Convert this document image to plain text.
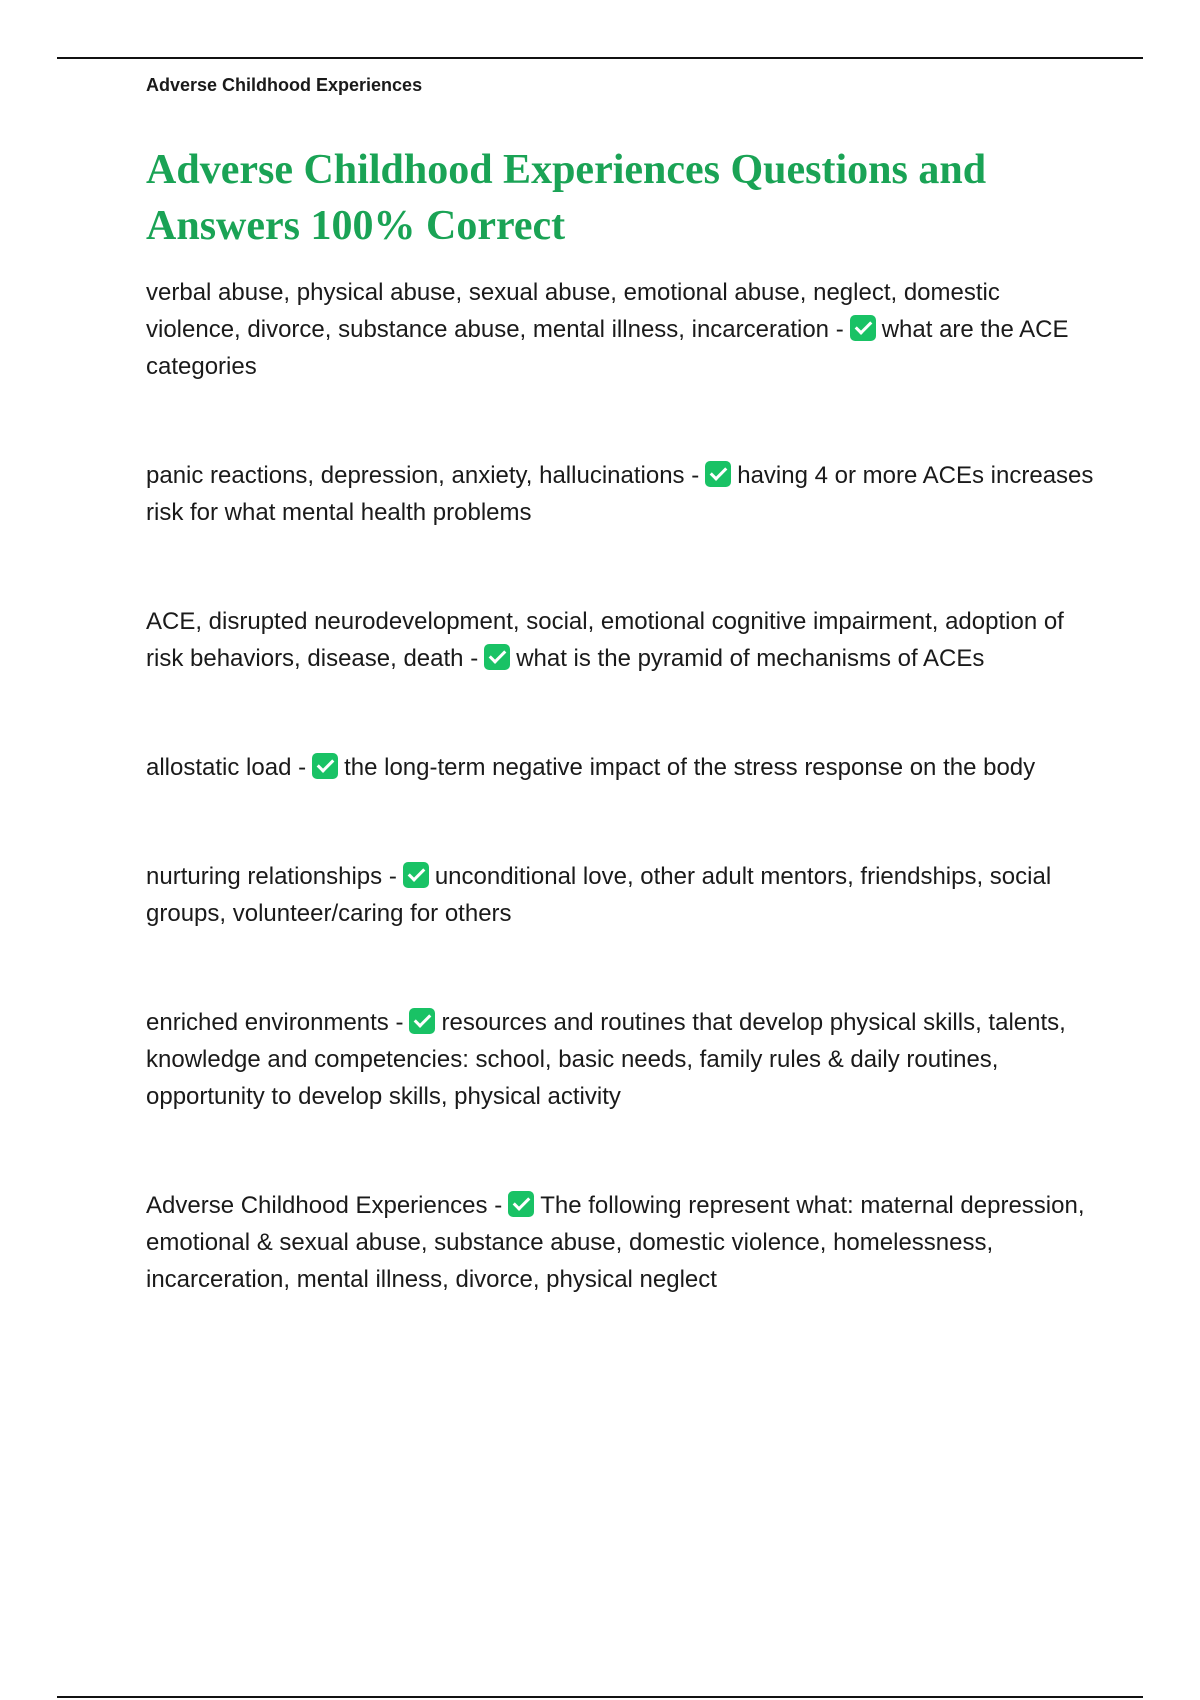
Adverse Childhood Experiences

Adverse Childhood Experiences Questions and Answers 100% Correct
verbal abuse, physical abuse, sexual abuse, emotional abuse, neglect, domestic violence, divorce, substance abuse, mental illness, incarceration - what are the ACE categories
panic reactions, depression, anxiety, hallucinations - having 4 or more ACEs increases risk for what mental health problems
ACE, disrupted neurodevelopment, social, emotional cognitive impairment, adoption of risk behaviors, disease, death - what is the pyramid of mechanisms of ACEs
allostatic load - the long-term negative impact of the stress response on the body
nurturing relationships - unconditional love, other adult mentors, friendships, social groups, volunteer/caring for others
enriched environments - resources and routines that develop physical skills, talents, knowledge and competencies: school, basic needs, family rules & daily routines, opportunity to develop skills, physical activity
Adverse Childhood Experiences - The following represent what: maternal depression, emotional & sexual abuse, substance abuse, domestic violence, homelessness, incarceration, mental illness, divorce, physical neglect
